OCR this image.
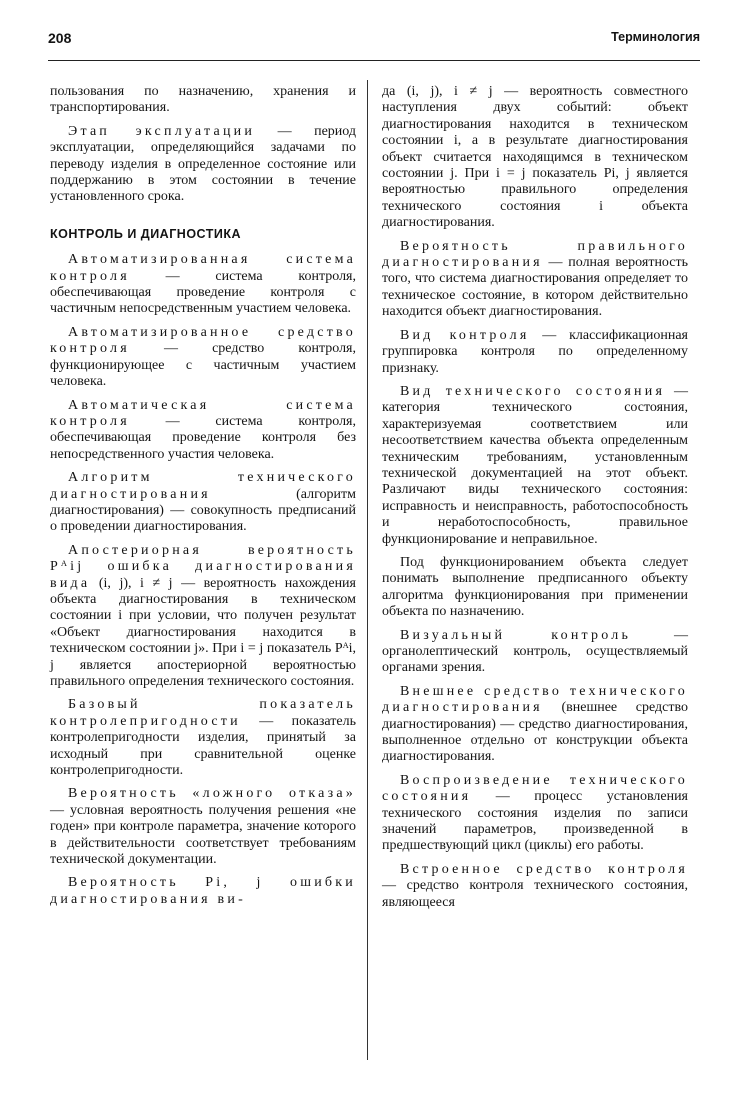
208	Терминология

пользования по назначению, хранения и транспортирования.

Этап эксплуатации — период эксплуатации, определяющийся задачами по переводу изделия в определенное состояние или поддержанию в этом состоянии в течение установленного срока.

КОНТРОЛЬ И ДИАГНОСТИКА

Автоматизированная система контроля — система контроля, обеспечивающая проведение контроля с частичным непосредственным участием человека.

Автоматизированное средство контроля — средство контроля, функционирующее с частичным участием человека.

Автоматическая система контроля — система контроля, обеспечивающая проведение контроля без непосредственного участия человека.

Алгоритм технического диагностирования (алгоритм диагностирования) — совокупность предписаний о проведении диагностирования.

Апостериорная вероятность Pᴬij ошибка диагностирования вида (i, j), i ≠ j — вероятность нахождения объекта диагностирования в техническом состоянии i при условии, что получен результат «Объект диагностирования находится в техническом состоянии j». При i = j показатель Pᴬi, j является апостериорной вероятностью правильного определения технического состояния.

Базовый показатель контролепригодности — показатель контролепригодности изделия, принятый за исходный при сравнительной оценке контролепригодности.

Вероятность «ложного отказа» — условная вероятность получения решения «не годен» при контроле параметра, значение которого в действительности соответствует требованиям технической документации.

Вероятность Pi, j ошибки диагностирования ви-

да (i, j), i ≠ j — вероятность совместного наступления двух событий: объект диагностирования находится в техническом состоянии i, а в результате диагностирования объект считается находящимся в техническом состоянии j. При i = j показатель Pi, j является вероятностью правильного определения технического состояния i объекта диагностирования.

Вероятность правильного диагностирования — полная вероятность того, что система диагностирования определяет то техническое состояние, в котором действительно находится объект диагностирования.

Вид контроля — классификационная группировка контроля по определенному признаку.

Вид технического состояния — категория технического состояния, характеризуемая соответствием или несоответствием качества объекта определенным техническим требованиям, установленным технической документацией на этот объект. Различают виды технического состояния: исправность и неисправность, работоспособность и неработоспособность, правильное функционирование и неправильное.

Под функционированием объекта следует понимать выполнение предписанного объекту алгоритма функционирования при применении объекта по назначению.

Визуальный контроль — органолептический контроль, осуществляемый органами зрения.

Внешнее средство технического диагностирования (внешнее средство диагностирования) — средство диагностирования, выполненное отдельно от конструкции объекта диагностирования.

Воспроизведение технического состояния — процесс установления технического состояния изделия по записи значений параметров, произведенной в предшествующий цикл (циклы) его работы.

Встроенное средство контроля — средство контроля технического состояния, являющееся
